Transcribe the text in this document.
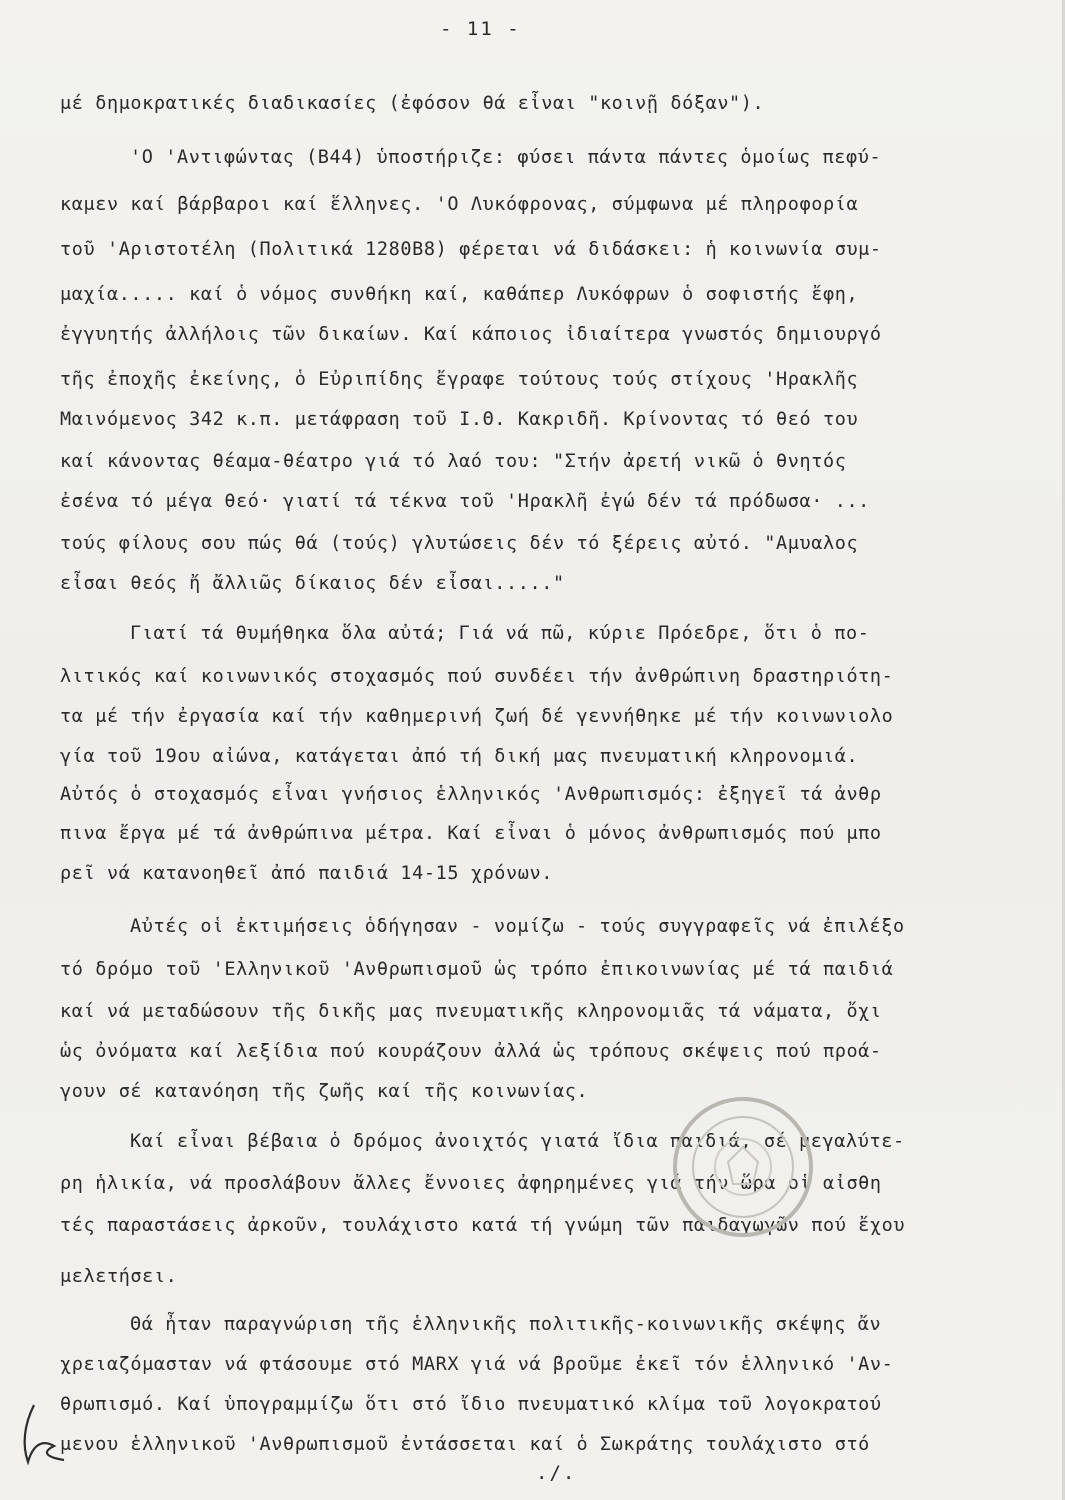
- 11 -
μέ δημοκρατικές διαδικασίες (ἐφόσον θά εἶναι "κοινῇ δόξαν").
'Ο 'Αντιφώντας (Β44) ὑποστήριζε: φύσει πάντα πάντες ὁμοίως πεφύ-
καμεν καί βάρβαροι καί ἕλληνες. 'Ο Λυκόφρονας, σύμφωνα μέ πληροφορία
τοῦ 'Αριστοτέλη (Πολιτικά 1280Β8) φέρεται νά διδάσκει: ἡ κοινωνία συμ-
μαχία..... καί ὁ νόμος συνθήκη καί, καθάπερ Λυκόφρων ὁ σοφιστής ἔφη,
ἐγγυητής ἀλλήλοις τῶν δικαίων. Καί κάποιος ἰδιαίτερα γνωστός δημιουργό
τῆς ἐποχῆς ἐκείνης, ὁ Εὐριπίδης ἔγραφε τούτους τούς στίχους 'Ηρακλῆς
Μαινόμενος 342 κ.π. μετάφραση τοῦ Ι.Θ. Κακριδῆ. Κρίνοντας τό θεό του
καί κάνοντας θέαμα-θέατρο γιά τό λαό του: "Στήν ἀρετή νικῶ ὁ θνητός
ἐσένα τό μέγα θεό· γιατί τά τέκνα τοῦ 'Ηρακλῆ ἐγώ δέν τά πρόδωσα· ...
τούς φίλους σου πώς θά (τούς) γλυτώσεις δέν τό ξέρεις αὐτό. "Αμυαλος
εἶσαι θεός ἤ ἄλλιῶς δίκαιος δέν εἶσαι....."
Γιατί τά θυμήθηκα ὅλα αὐτά; Γιά νά πῶ, κύριε Πρόεδρε, ὅτι ὁ πο-
λιτικός καί κοινωνικός στοχασμός πού συνδέει τήν ἀνθρώπινη δραστηριότη-
τα μέ τήν ἐργασία καί τήν καθημερινή ζωή δέ γεννήθηκε μέ τήν κοινωνιολο
γία τοῦ 19ου αἰώνα, κατάγεται ἀπό τή δική μας πνευματική κληρονομιά.
Αὐτός ὁ στοχασμός εἶναι γνήσιος ἑλληνικός 'Ανθρωπισμός: ἐξηγεῖ τά ἀνθρ
πινα ἔργα μέ τά ἀνθρώπινα μέτρα. Καί εἶναι ὁ μόνος ἀνθρωπισμός πού μπο
ρεῖ νά κατανοηθεῖ ἀπό παιδιά 14-15 χρόνων.
Αὐτές οἱ ἐκτιμήσεις ὁδήγησαν - νομίζω - τούς συγγραφεῖς νά ἐπιλέξο
τό δρόμο τοῦ 'Ελληνικοῦ 'Ανθρωπισμοῦ ὡς τρόπο ἐπικοινωνίας μέ τά παιδιά
καί νά μεταδώσουν τῆς δικῆς μας πνευματικῆς κληρονομιᾶς τά νάματα, ὄχι
ὡς ὀνόματα καί λεξίδια πού κουράζουν ἀλλά ὡς τρόπους σκέψεις πού προά-
γουν σέ κατανόηση τῆς ζωῆς καί τῆς κοινωνίας.
Καί εἶναι βέβαια ὁ δρόμος ἀνοιχτός γιατά ἴδια παιδιά, σέ μεγαλύτε-
ρη ἡλικία, νά προσλάβουν ἄλλες ἔννοιες ἀφηρημένες γιά τήν ὥρα οἱ αἰσθη
τές παραστάσεις ἀρκοῦν, τουλάχιστο κατά τή γνώμη τῶν παιδαγωγῶν πού ἔχου
μελετήσει.
Θά ἦταν παραγνώριση τῆς ἑλληνικῆς πολιτικῆς-κοινωνικῆς σκέψης ἄν
χρειαζόμασταν νά φτάσουμε στό MARX γιά νά βροῦμε ἐκεῖ τόν ἑλληνικό 'Αν-
θρωπισμό. Καί ὑπογραμμίζω ὅτι στό ἴδιο πνευματικό κλίμα τοῦ λογοκρατού
μενου ἑλληνικοῦ 'Ανθρωπισμοῦ ἐντάσσεται καί ὁ Σωκράτης τουλάχιστο στό
./.
